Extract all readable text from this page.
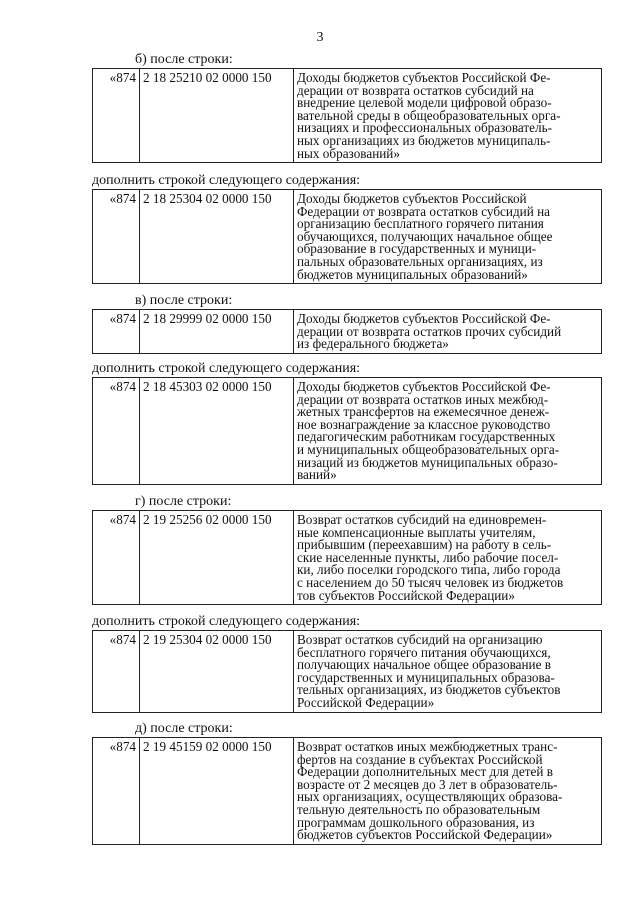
3
б) после строки:
«874	2 18 25210 02 0000 150	Доходы бюджетов субъектов Российской Фе-
дерации от возврата остатков субсидий на
внедрение целевой модели цифровой образо-
вательной среды в общеобразовательных орга-
низациях и профессиональных образователь-
ных организациях из бюджетов муниципаль-
ных образований»
дополнить строкой следующего содержания:
«874	2 18 25304 02 0000 150	Доходы бюджетов субъектов Российской
Федерации от возврата остатков субсидий на
организацию бесплатного горячего питания
обучающихся, получающих начальное общее
образование в государственных и муници-
пальных образовательных организациях, из
бюджетов муниципальных образований»
в) после строки:
«874	2 18 29999 02 0000 150	Доходы бюджетов субъектов Российской Фе-
дерации от возврата остатков прочих субсидий
из федерального бюджета»
дополнить строкой следующего содержания:
«874	2 18 45303 02 0000 150	Доходы бюджетов субъектов Российской Фе-
дерации от возврата остатков иных межбюд-
жетных трансфертов на ежемесячное денеж-
ное вознаграждение за классное руководство
педагогическим работникам государственных
и муниципальных общеобразовательных орга-
низаций из бюджетов муниципальных образо-
ваний»
г) после строки:
«874	2 19 25256 02 0000 150	Возврат остатков субсидий на единовремен-
ные компенсационные выплаты учителям,
прибывшим (переехавшим) на работу в сель-
ские населенные пункты, либо рабочие посел-
ки, либо поселки городского типа, либо города
с населением до 50 тысяч человек из бюджетов
тов субъектов Российской Федерации»
дополнить строкой следующего содержания:
«874	2 19 25304 02 0000 150	Возврат остатков субсидий на организацию
бесплатного горячего питания обучающихся,
получающих начальное общее образование в
государственных и муниципальных образова-
тельных организациях, из бюджетов субъектов
Российской Федерации»
д) после строки:
«874	2 19 45159 02 0000 150	Возврат остатков иных межбюджетных транс-
фертов на создание в субъектах Российской
Федерации дополнительных мест для детей в
возрасте от 2 месяцев до 3 лет в образователь-
ных организациях, осуществляющих образова-
тельную деятельность по образовательным
программам дошкольного образования, из
бюджетов субъектов Российской Федерации»
